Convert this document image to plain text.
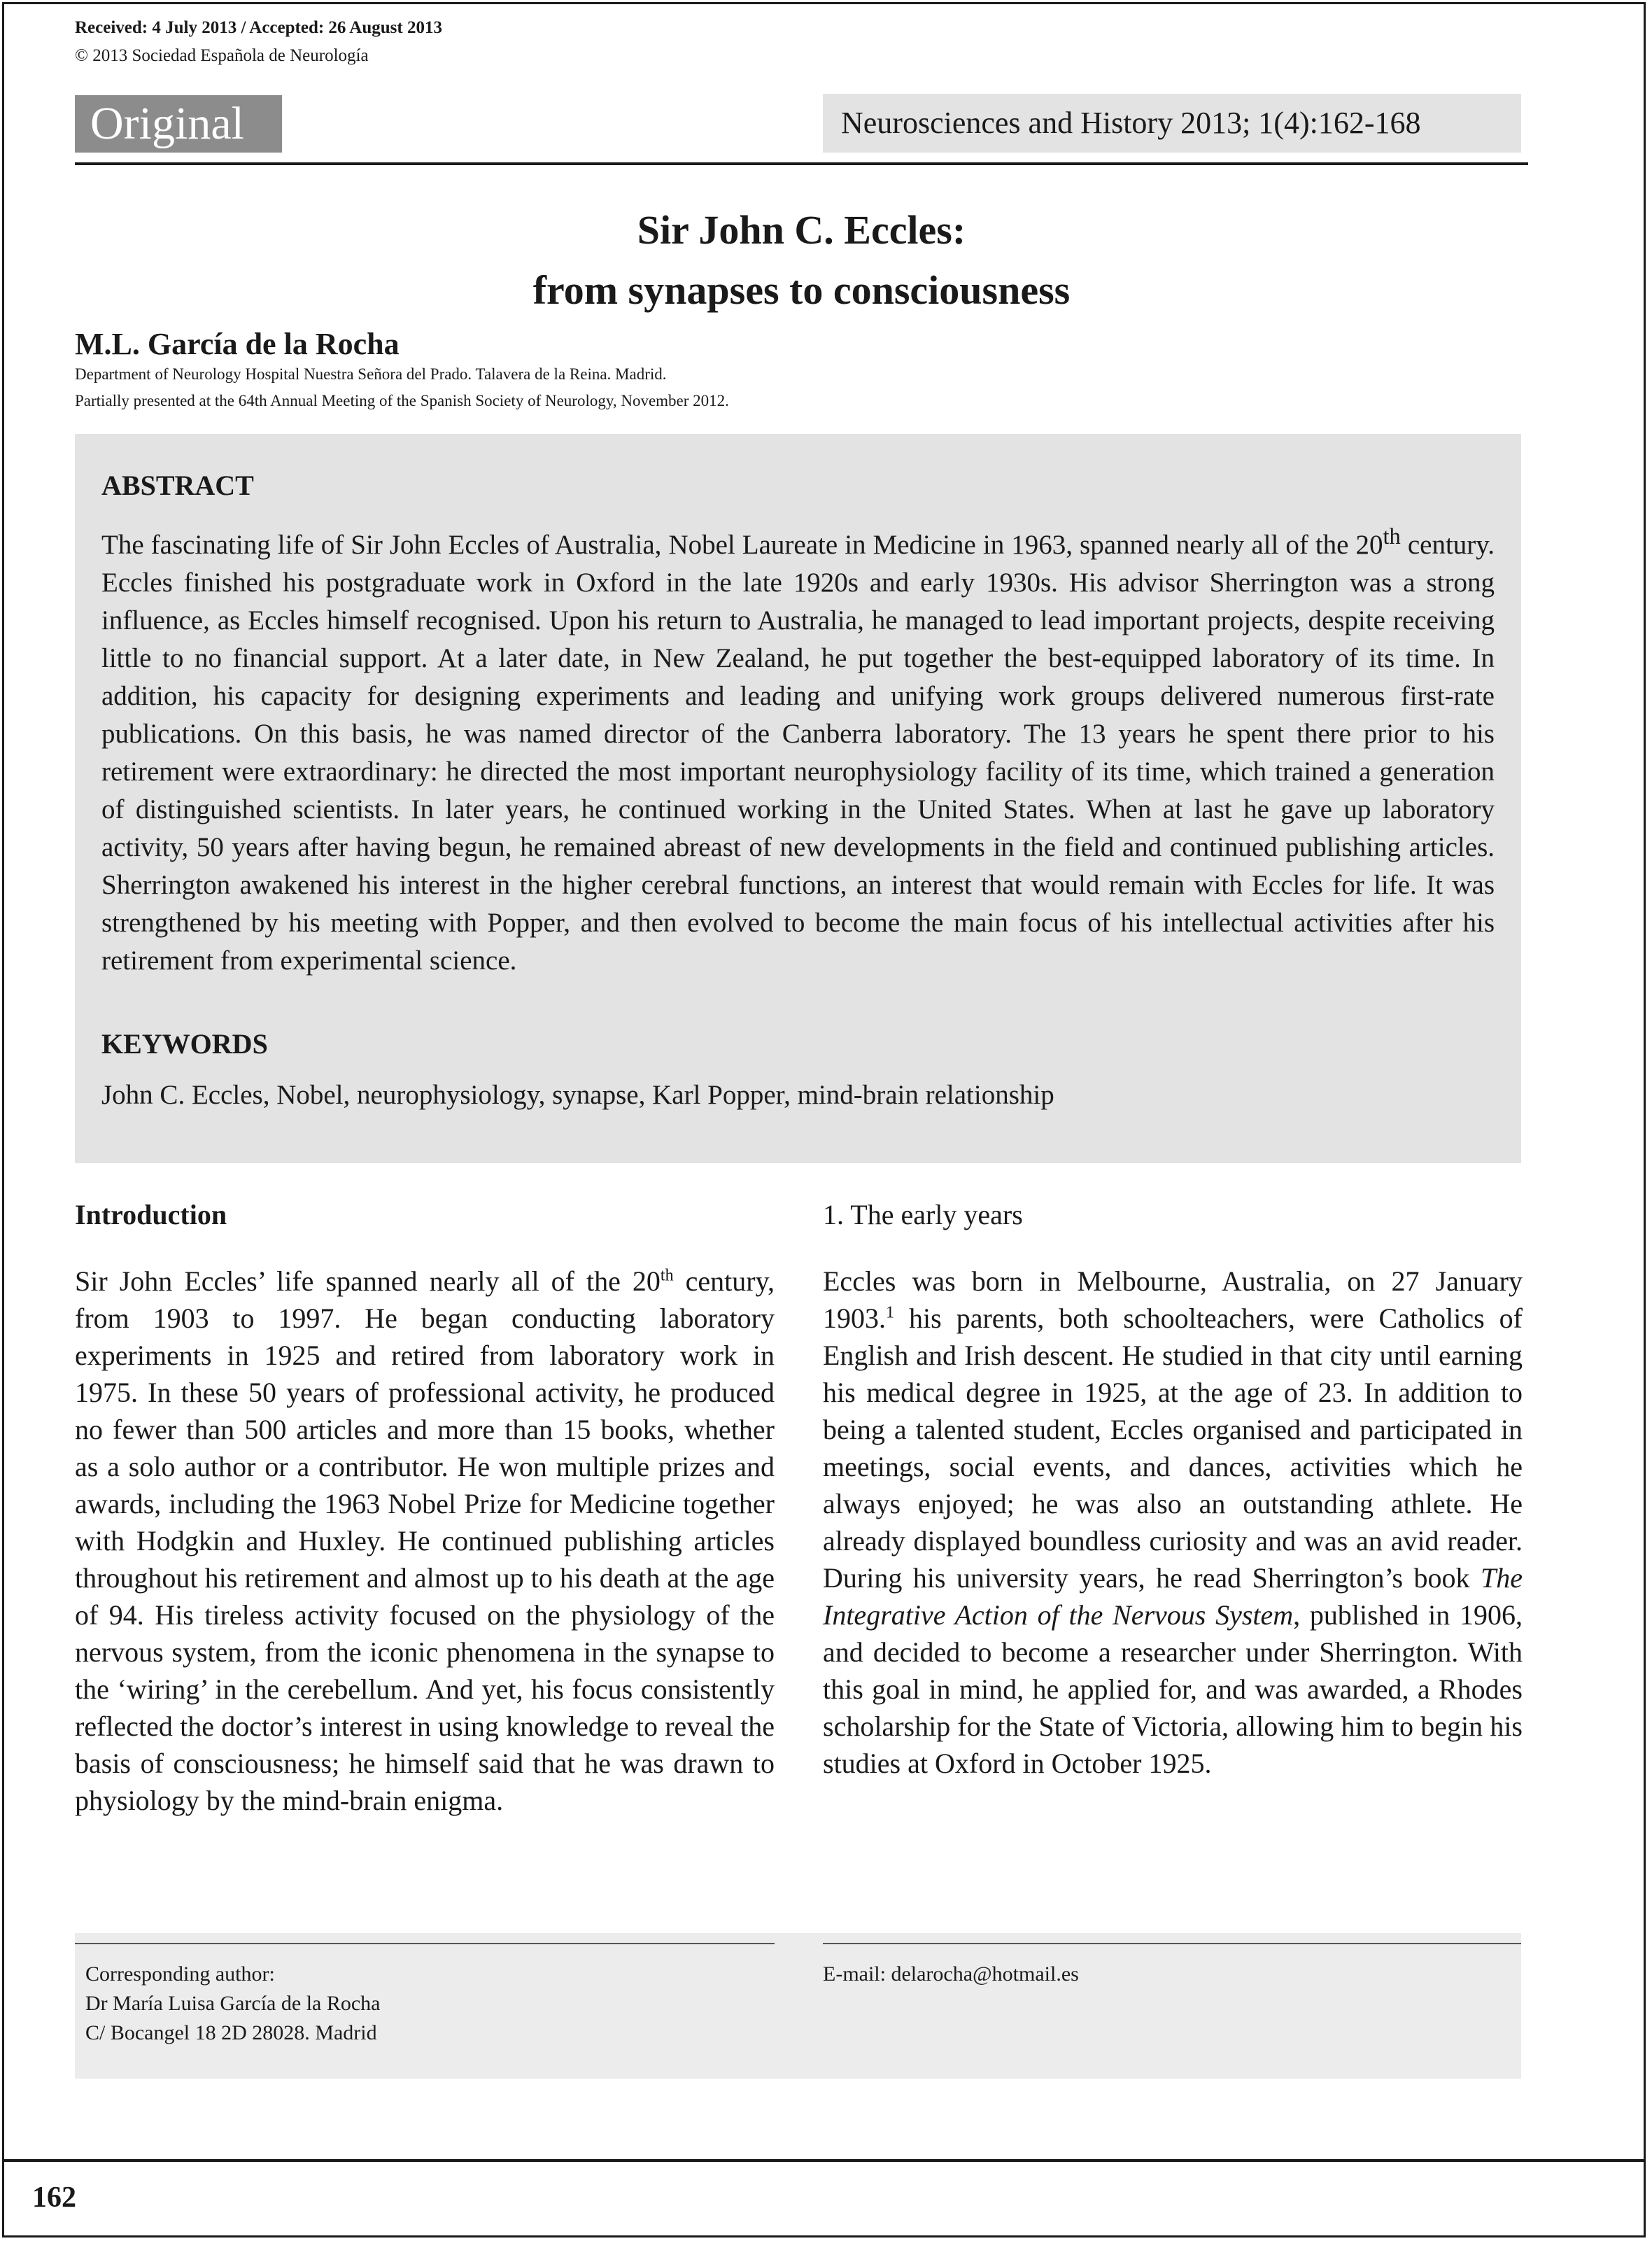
Received: 4 July 2013 / Accepted: 26 August 2013
© 2013 Sociedad Española de Neurología
Original	Neurosciences and History 2013; 1(4):162-168
Sir John C. Eccles:
from synapses to consciousness
M.L. García de la Rocha
Department of Neurology Hospital Nuestra Señora del Prado. Talavera de la Reina. Madrid.
Partially presented at the 64th Annual Meeting of the Spanish Society of Neurology, November 2012.
ABSTRACT

The fascinating life of Sir John Eccles of Australia, Nobel Laureate in Medicine in 1963, spanned nearly all of the 20th century. Eccles finished his postgraduate work in Oxford in the late 1920s and early 1930s. His advisor Sherrington was a strong influence, as Eccles himself recognised. Upon his return to Australia, he managed to lead important projects, despite receiving little to no financial support. At a later date, in New Zealand, he put together the best-equipped laboratory of its time. In addition, his capacity for designing experiments and leading and unifying work groups delivered numerous first-rate publications. On this basis, he was named director of the Canberra laboratory. The 13 years he spent there prior to his retirement were extraordinary: he directed the most important neurophysiology facility of its time, which trained a generation of distinguished scientists. In later years, he continued working in the United States. When at last he gave up laboratory activity, 50 years after having begun, he remained abreast of new developments in the field and continued publishing articles. Sherrington awakened his interest in the higher cerebral functions, an interest that would remain with Eccles for life. It was strengthened by his meeting with Popper, and then evolved to become the main focus of his intellectual activities after his retirement from experimental science.

KEYWORDS

John C. Eccles, Nobel, neurophysiology, synapse, Karl Popper, mind-brain relationship

Introduction

Sir John Eccles’ life spanned nearly all of the 20th century, from 1903 to 1997. He began conducting laboratory experiments in 1925 and retired from laboratory work in 1975. In these 50 years of professional activity, he produced no fewer than 500 articles and more than 15 books, whether as a solo author or a contributor. He won multiple prizes and awards, including the 1963 Nobel Prize for Medicine together with Hodgkin and Huxley. He continued publishing articles throughout his retirement and almost up to his death at the age of 94. His tireless activity focused on the physiology of the nervous system, from the iconic phenomena in the synapse to the ‘wiring’ in the cerebellum. And yet, his focus consistently reflected the doctor’s interest in using knowledge to reveal the basis of consciousness; he himself said that he was drawn to physiology by the mind-brain enigma.

1. The early years

Eccles was born in Melbourne, Australia, on 27 January 1903.$^1$ his parents, both schoolteachers, were Catholics of English and Irish descent. He studied in that city until earning his medical degree in 1925, at the age of 23. In addition to being a talented student, Eccles organised and participated in meetings, social events, and dances, activities which he always enjoyed; he was also an outstanding athlete. He already displayed boundless curiosity and was an avid reader. During his university years, he read Sherrington’s book The Integrative Action of the Nervous System, published in 1906, and decided to become a researcher under Sherrington. With this goal in mind, he applied for, and was awarded, a Rhodes scholarship for the State of Victoria, allowing him to begin his studies at Oxford in October 1925.

Corresponding author:
Dr María Luisa García de la Rocha
C/ Bocangel 18 2D 28028. Madrid
E-mail: delarocha@hotmail.es
162
